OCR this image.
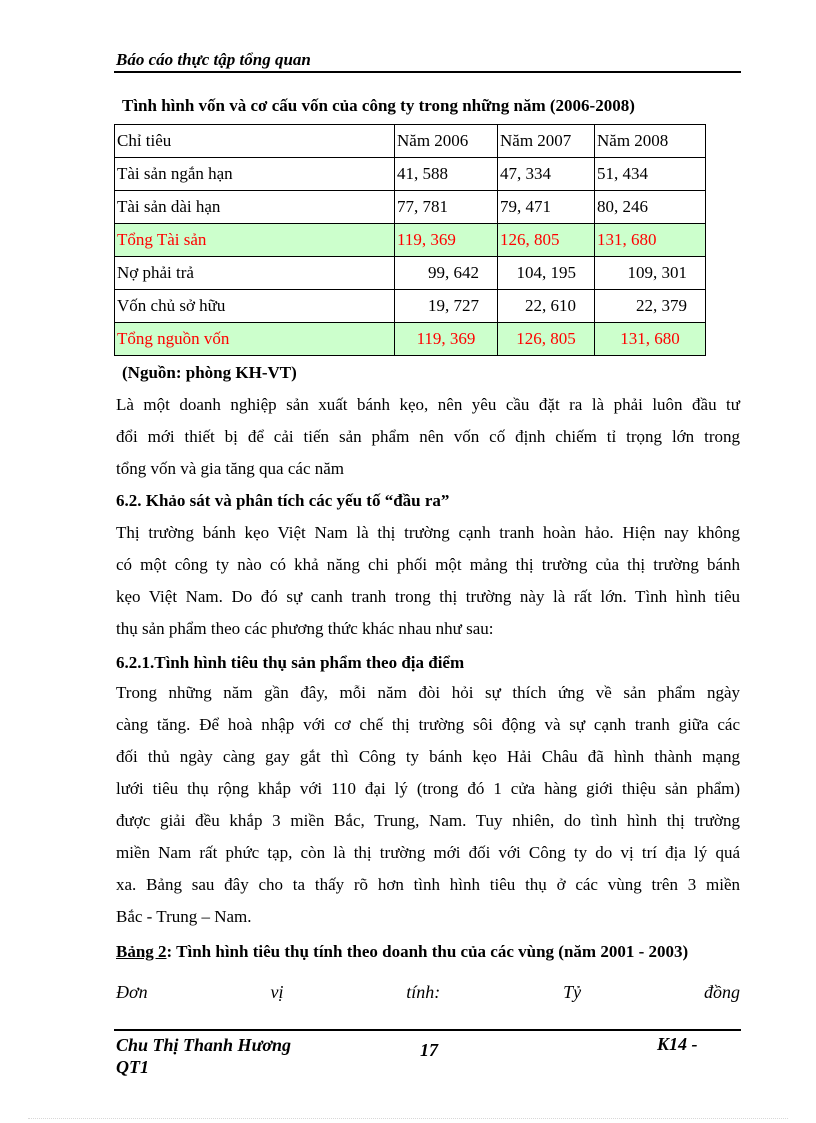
Báo cáo thực tập tổng quan
Tình hình vốn và cơ cấu vốn của công ty trong những năm (2006-2008)
Chỉ tiêu	Năm 2006	Năm 2007	Năm 2008
Tài sản ngắn hạn	41, 588	47, 334	51, 434
Tài sản dài hạn	77, 781	79, 471	80, 246
Tổng Tài sản	119, 369	126, 805	131, 680
Nợ phải trả	99, 642	104, 195	109, 301
Vốn chủ sở hữu	19, 727	22, 610	22, 379
Tổng nguồn vốn	119, 369	126, 805	131, 680
(Nguồn: phòng KH-VT)
Là một doanh nghiệp sản xuất bánh kẹo, nên yêu cầu đặt ra là phải luôn đầu tư
đổi mới thiết bị để cải tiến sản phẩm nên vốn cố định chiếm tỉ trọng lớn trong
tổng vốn và gia tăng qua các năm
6.2. Khảo sát và phân tích các yếu tố “đầu ra”
Thị trường bánh kẹo Việt Nam là thị trường cạnh tranh hoàn hảo. Hiện nay không
có một công ty nào có khả năng chi phối một mảng thị trường của thị trường bánh
kẹo Việt Nam. Do đó sự canh tranh trong thị trường này là rất lớn. Tình hình tiêu
thụ sản phẩm theo các phương thức khác nhau như sau:
6.2.1.Tình hình tiêu thụ sản phẩm theo địa điểm
Trong những năm gần đây, mỗi năm đòi hỏi sự thích ứng về sản phẩm ngày
càng tăng. Để hoà nhập với cơ chế thị trường sôi động và sự cạnh tranh giữa các
đối thủ ngày càng gay gắt thì Công ty bánh kẹo Hải Châu đã hình thành mạng
lưới tiêu thụ rộng khắp với 110 đại lý (trong đó 1 cửa hàng giới thiệu sản phẩm)
được giải đều khắp 3 miền Bắc, Trung, Nam. Tuy nhiên, do tình hình thị trường
miền Nam rất phức tạp, còn là thị trường mới đối với Công ty do vị trí địa lý quá
xa. Bảng sau đây cho ta thấy rõ hơn tình hình tiêu thụ ở các vùng trên 3 miền
Bắc - Trung – Nam.
Bảng 2: Tình hình tiêu thụ tính theo doanh thu của các vùng (năm 2001 - 2003)
Đơn	vị	tính:	Tỷ	đồng
Chu Thị Thanh Hương QT1
17	K14 -
